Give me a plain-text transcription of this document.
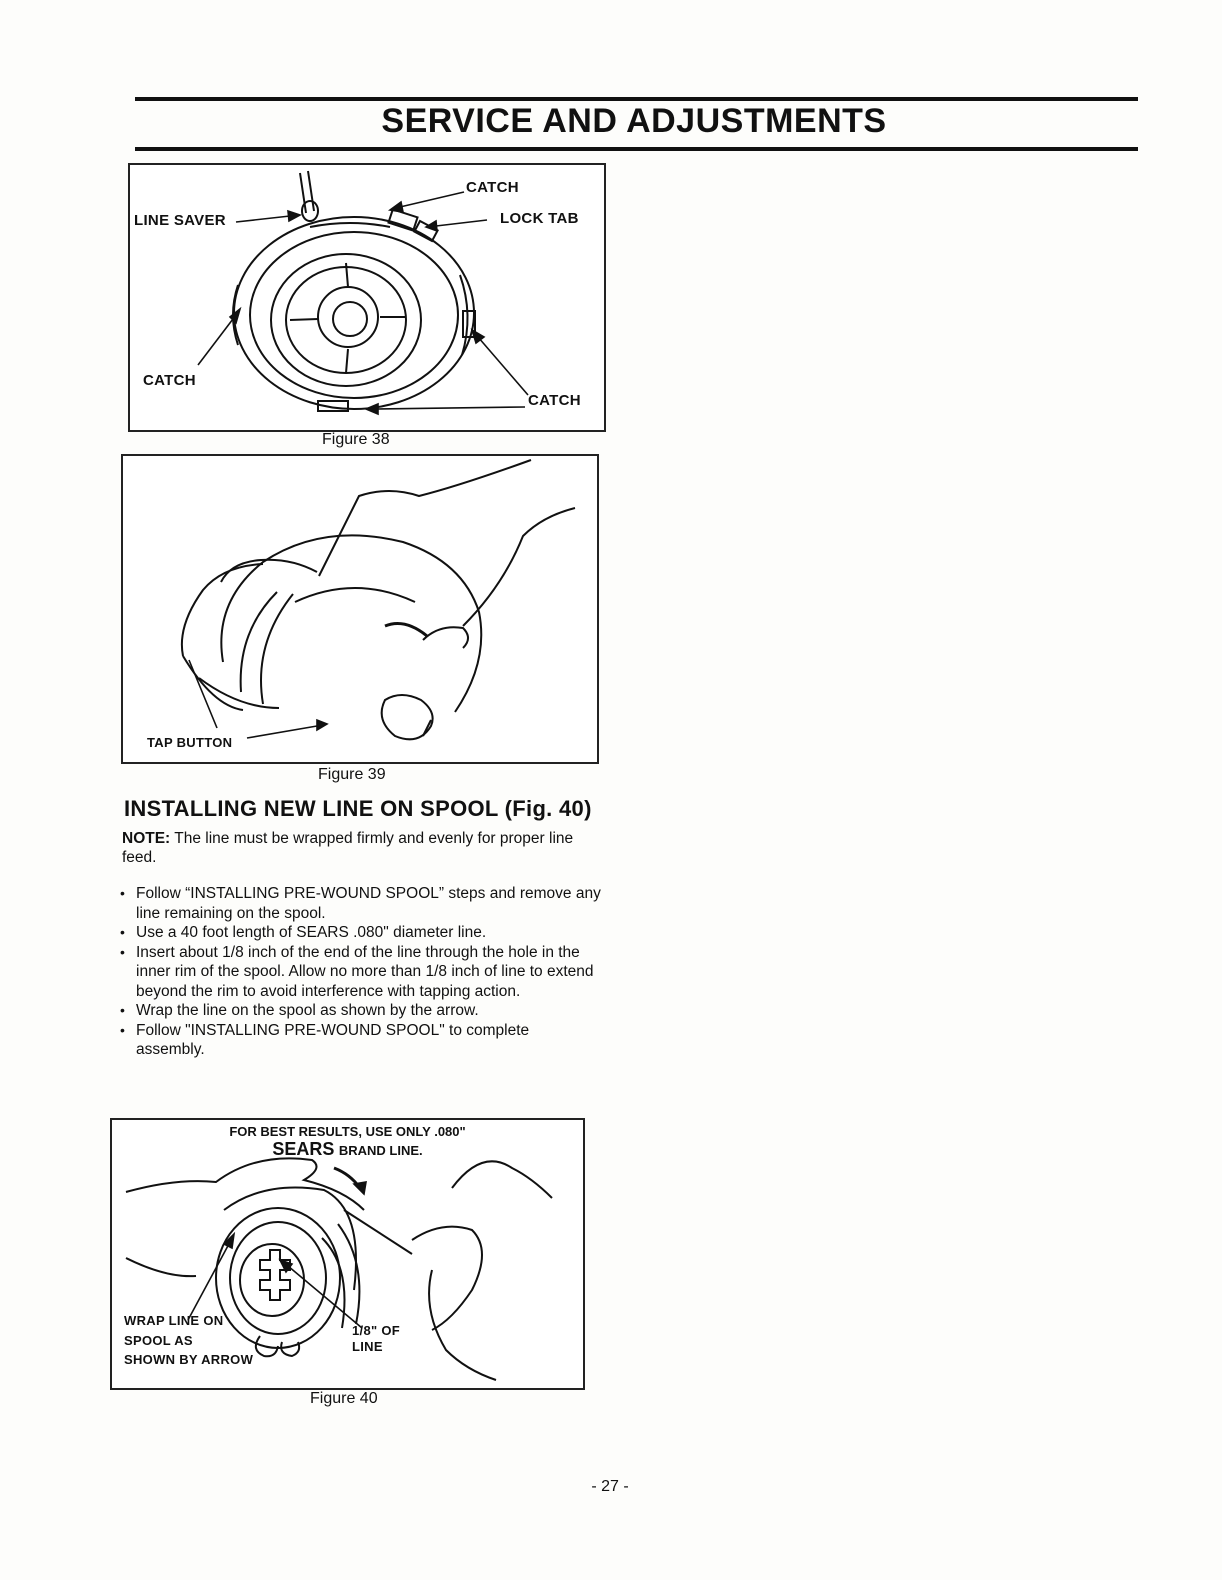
SERVICE AND ADJUSTMENTS
CATCH
LINE SAVER	LOCK TAB
CATCH
CATCH
Figure 38
TAP BUTTON
Figure 39
INSTALLING NEW LINE ON SPOOL (Fig. 40)
NOTE: The line must be wrapped firmly and evenly for proper line feed.
• Follow “INSTALLING PRE-WOUND SPOOL” steps and remove any line remaining on the spool.
• Use a 40 foot length of SEARS .080" diameter line.
• Insert about 1/8 inch of the end of the line through the hole in the inner rim of the spool. Allow no more than 1/8 inch of line to extend beyond the rim to avoid interference with tapping action.
• Wrap the line on the spool as shown by the arrow.
• Follow "INSTALLING PRE-WOUND SPOOL" to complete assembly.
FOR BEST RESULTS, USE ONLY .080"
SEARS BRAND LINE.
WRAP LINE ON
SPOOL AS
SHOWN BY ARROW
1/8" OF
LINE
Figure 40
- 27 -
